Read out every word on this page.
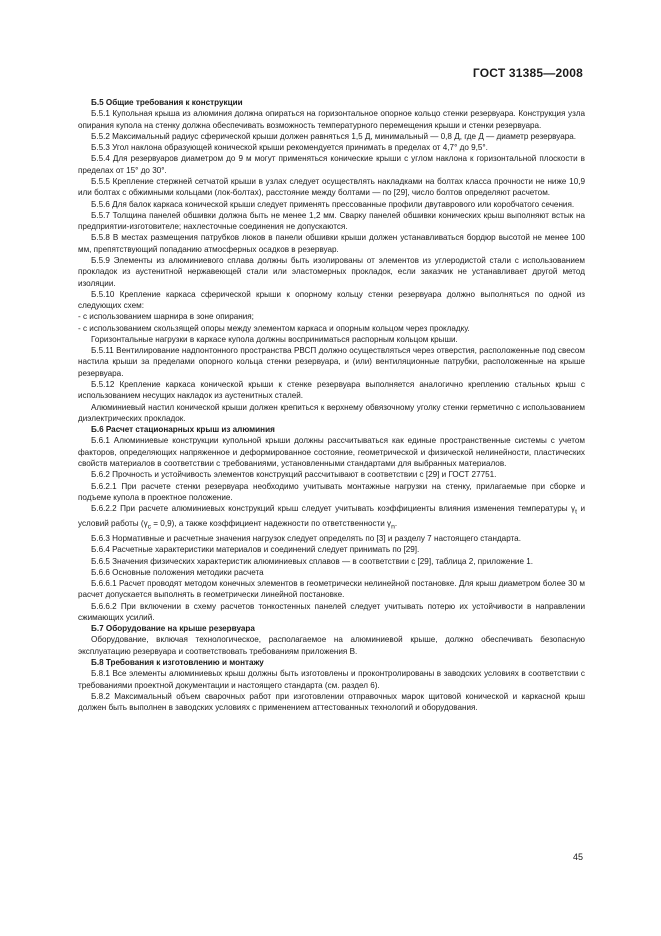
ГОСТ 31385—2008

Б.5 Общие требования к конструкции

Б.5.1 Купольная крыша из алюминия должна опираться на горизонтальное опорное кольцо стенки резервуара. Конструкция узла опирания купола на стенку должна обеспечивать возможность температурного перемещения крыши и стенки резервуара.

Б.5.2 Максимальный радиус сферической крыши должен равняться 1,5 Д, минимальный — 0,8 Д, где Д — диаметр резервуара.

Б.5.3 Угол наклона образующей конической крыши рекомендуется принимать в пределах от 4,7° до 9,5°.

Б.5.4 Для резервуаров диаметром до 9 м могут применяться конические крыши с углом наклона к горизонтальной плоскости в пределах от 15° до 30°.

Б.5.5 Крепление стержней сетчатой крыши в узлах следует осуществлять накладками на болтах класса прочности не ниже 10,9 или болтах с обжимными кольцами (лок-болтах), расстояние между болтами — по [29], число болтов определяют расчетом.

Б.5.6 Для балок каркаса конической крыши следует применять прессованные профили двутаврового или коробчатого сечения.

Б.5.7 Толщина панелей обшивки должна быть не менее 1,2 мм. Сварку панелей обшивки конических крыш выполняют встык на предприятии-изготовителе; нахлесточные соединения не допускаются.

Б.5.8 В местах размещения патрубков люков в панели обшивки крыши должен устанавливаться бордюр высотой не менее 100 мм, препятствующий попаданию атмосферных осадков в резервуар.

Б.5.9 Элементы из алюминиевого сплава должны быть изолированы от элементов из углеродистой стали с использованием прокладок из аустенитной нержавеющей стали или эластомерных прокладок, если заказчик не устанавливает другой метод изоляции.

Б.5.10 Крепление каркаса сферической крыши к опорному кольцу стенки резервуара должно выполняться по одной из следующих схем:

- с использованием шарнира в зоне опирания;

- с использованием скользящей опоры между элементом каркаса и опорным кольцом через прокладку.

Горизонтальные нагрузки в каркасе купола должны восприниматься распорным кольцом крыши.

Б.5.11 Вентилирование надпонтонного пространства РВСП должно осуществляться через отверстия, расположенные под свесом настила крыши за пределами опорного кольца стенки резервуара, и (или) вентиляционные патрубки, расположенные на крыше резервуара.

Б.5.12 Крепление каркаса конической крыши к стенке резервуара выполняется аналогично креплению стальных крыш с использованием несущих накладок из аустенитных сталей.

Алюминиевый настил конической крыши должен крепиться к верхнему обвязочному уголку стенки герметично с использованием диэлектрических прокладок.

Б.6 Расчет стационарных крыш из алюминия

Б.6.1 Алюминиевые конструкции купольной крыши должны рассчитываться как единые пространственные системы с учетом факторов, определяющих напряженное и деформированное состояние, геометрической и физической нелинейности, пластических свойств материалов в соответствии с требованиями, установленными стандартами для выбранных материалов.

Б.6.2 Прочность и устойчивость элементов конструкций рассчитывают в соответствии с [29] и ГОСТ 27751.

Б.6.2.1 При расчете стенки резервуара необходимо учитывать монтажные нагрузки на стенку, прилагаемые при сборке и подъеме купола в проектное положение.

Б.6.2.2 При расчете алюминиевых конструкций крыш следует учитывать коэффициенты влияния изменения температуры $\gamma_t$ и условий работы $(\gamma_c = 0,9)$, а также коэффициент надежности по ответственности $\gamma_n$.

Б.6.3 Нормативные и расчетные значения нагрузок следует определять по [3] и разделу 7 настоящего стандарта.

Б.6.4 Расчетные характеристики материалов и соединений следует принимать по [29].

Б.6.5 Значения физических характеристик алюминиевых сплавов — в соответствии с [29], таблица 2, приложение 1.

Б.6.6 Основные положения методики расчета

Б.6.6.1 Расчет проводят методом конечных элементов в геометрически нелинейной постановке. Для крыш диаметром более 30 м расчет допускается выполнять в геометрически линейной постановке.

Б.6.6.2 При включении в схему расчетов тонкостенных панелей следует учитывать потерю их устойчивости в направлении сжимающих усилий.

Б.7 Оборудование на крыше резервуара

Оборудование, включая технологическое, располагаемое на алюминиевой крыше, должно обеспечивать безопасную эксплуатацию резервуара и соответствовать требованиям приложения В.

Б.8 Требования к изготовлению и монтажу

Б.8.1 Все элементы алюминиевых крыш должны быть изготовлены и проконтролированы в заводских условиях в соответствии с требованиями проектной документации и настоящего стандарта (см. раздел 6).

Б.8.2 Максимальный объем сварочных работ при изготовлении отправочных марок щитовой конической и каркасной крыш должен быть выполнен в заводских условиях с применением аттестованных технологий и оборудования.

45
